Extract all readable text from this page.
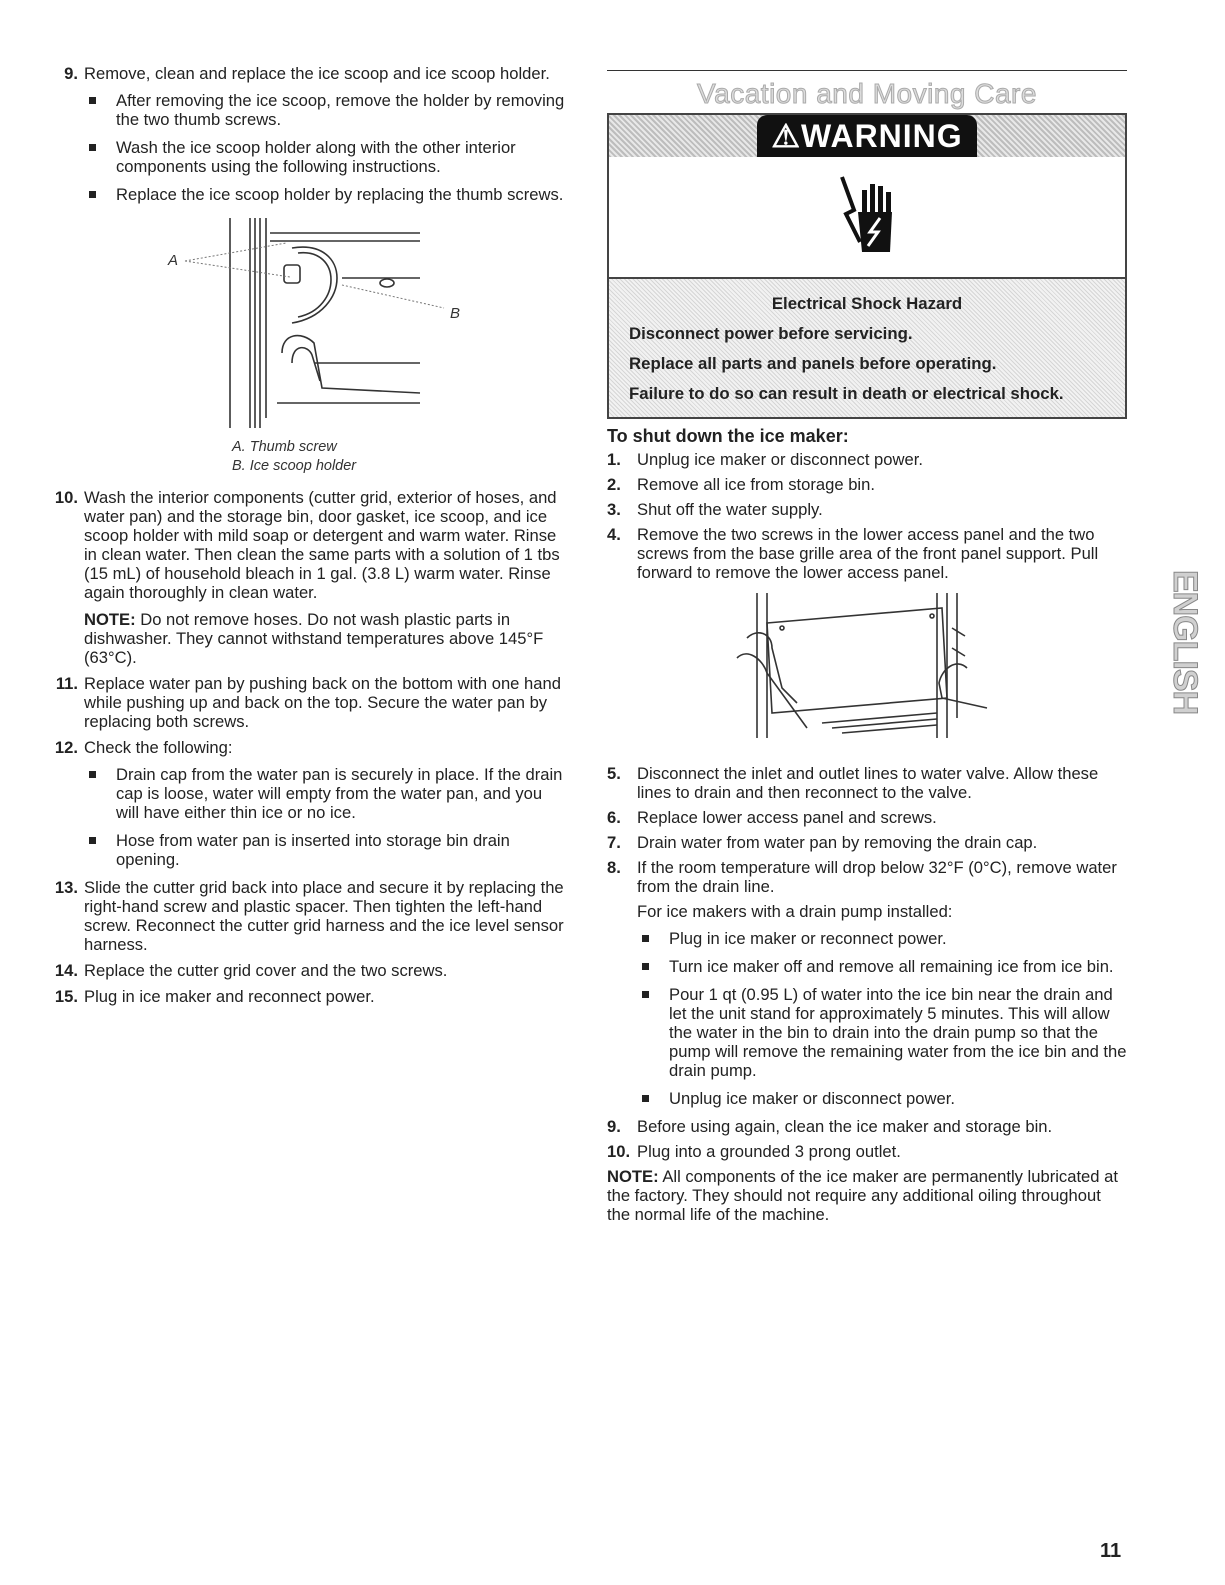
9. Remove, clean and replace the ice scoop and ice scoop holder.
After removing the ice scoop, remove the holder by removing the two thumb screws.
Wash the ice scoop holder along with the other interior components using the following instructions.
Replace the ice scoop holder by replacing the thumb screws.
A
B
A. Thumb screw
B. Ice scoop holder
10. Wash the interior components (cutter grid, exterior of hoses, and water pan) and the storage bin, door gasket, ice scoop, and ice scoop holder with mild soap or detergent and warm water. Rinse in clean water. Then clean the same parts with a solution of 1 tbs (15 mL) of household bleach in 1 gal. (3.8 L) warm water. Rinse again thoroughly in clean water.
NOTE: Do not remove hoses. Do not wash plastic parts in dishwasher. They cannot withstand temperatures above 145°F (63°C).
11. Replace water pan by pushing back on the bottom with one hand while pushing up and back on the top. Secure the water pan by replacing both screws.
12. Check the following:
Drain cap from the water pan is securely in place. If the drain cap is loose, water will empty from the water pan, and you will have either thin ice or no ice.
Hose from water pan is inserted into storage bin drain opening.
13. Slide the cutter grid back into place and secure it by replacing the right-hand screw and plastic spacer. Then tighten the left-hand screw. Reconnect the cutter grid harness and the ice level sensor harness.
14. Replace the cutter grid cover and the two screws.
15. Plug in ice maker and reconnect power.
Vacation and Moving Care
⚠WARNING
Electrical Shock Hazard
Disconnect power before servicing.
Replace all parts and panels before operating.
Failure to do so can result in death or electrical shock.
To shut down the ice maker:
1. Unplug ice maker or disconnect power.
2. Remove all ice from storage bin.
3. Shut off the water supply.
4. Remove the two screws in the lower access panel and the two screws from the base grille area of the front panel support. Pull forward to remove the lower access panel.
5. Disconnect the inlet and outlet lines to water valve. Allow these lines to drain and then reconnect to the valve.
6. Replace lower access panel and screws.
7. Drain water from water pan by removing the drain cap.
8. If the room temperature will drop below 32°F (0°C), remove water from the drain line.
For ice makers with a drain pump installed:
Plug in ice maker or reconnect power.
Turn ice maker off and remove all remaining ice from ice bin.
Pour 1 qt (0.95 L) of water into the ice bin near the drain and let the unit stand for approximately 5 minutes. This will allow the water in the bin to drain into the drain pump so that the pump will remove the remaining water from the ice bin and the drain pump.
Unplug ice maker or disconnect power.
9. Before using again, clean the ice maker and storage bin.
10. Plug into a grounded 3 prong outlet.
NOTE: All components of the ice maker are permanently lubricated at the factory. They should not require any additional oiling throughout the normal life of the machine.
ENGLISH
11
